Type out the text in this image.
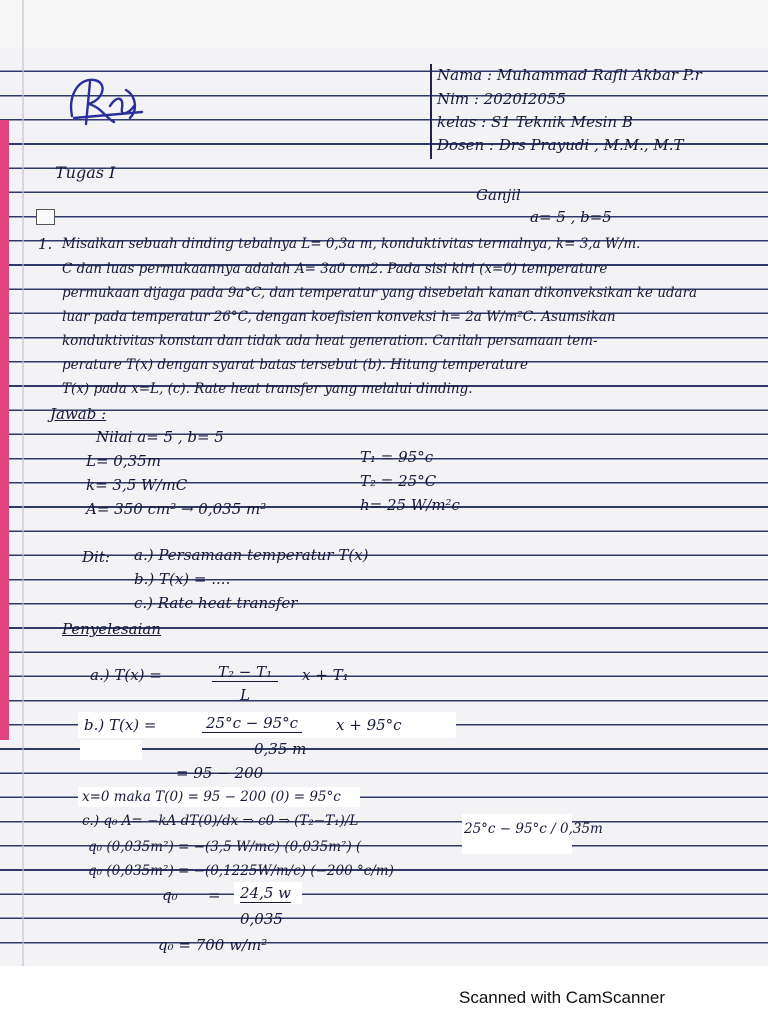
Nama : Muhammad Rafli Akbar P.r
Nim : 2020I2055
kelas : S1 Teknik Mesin B
Dosen : Drs Prayudi , M.M., M.T
Tugas I
Ganjil
a= 5 , b=5
1. Misalkan sebuah dinding tebalnya L= 0,3a m, konduktivitas termalnya, k= 3,a W/m.
C dan luas permukaannya adalah A= 3a0 cm2. Pada sisi kiri (x=0) temperature
permukaan dijaga pada 9a°C, dan temperatur yang disebelah kanan dikonveksikan ke udara
luar pada temperatur 26°C, dengan koefisien konveksi h= 2a W/m²C. Asumsikan
konduktivitas konstan dan tidak ada heat generation. Carilah persamaan tem-
perature T(x) dengan syarat batas tersebut (b). Hitung temperature
T(x) pada x=L, (c). Rate heat transfer yang melalui dinding.
Jawab :
Nilai a= 5 , b= 5
L= 0,35m
k= 3,5 W/mC
A= 350 cm² → 0,035 m²
T₁ = 95°c
T₂ = 25°C
h= 25 W/m²c
Dit: a.) Persamaan temperatur T(x)
b.) T(x) = ....
c.) Rate heat transfer
Penyelesaian
a.) T(x) =	T₂ − T₁
L
x + T₁
b.) T(x) =	25°c − 95°c
0,35 m
x + 95°c
= 95 − 200
x=0 maka T(0) = 95 − 200 (0) = 95°c
c.) q₀ A= −kA dT(0)/dx ⇒ c0 ⇒ (T₂−T₁)/L	25°c − 95°c / 0,35m
q₀ (0,035m²) = −(3,5 W/mc) (0,035m²) (
q₀ (0,035m²) = −(0,1225W/m/c) (−200 °c/m)
q₀ = 24,5 w
0,035
q₀ = 700 w/m²
Scanned with CamScanner
